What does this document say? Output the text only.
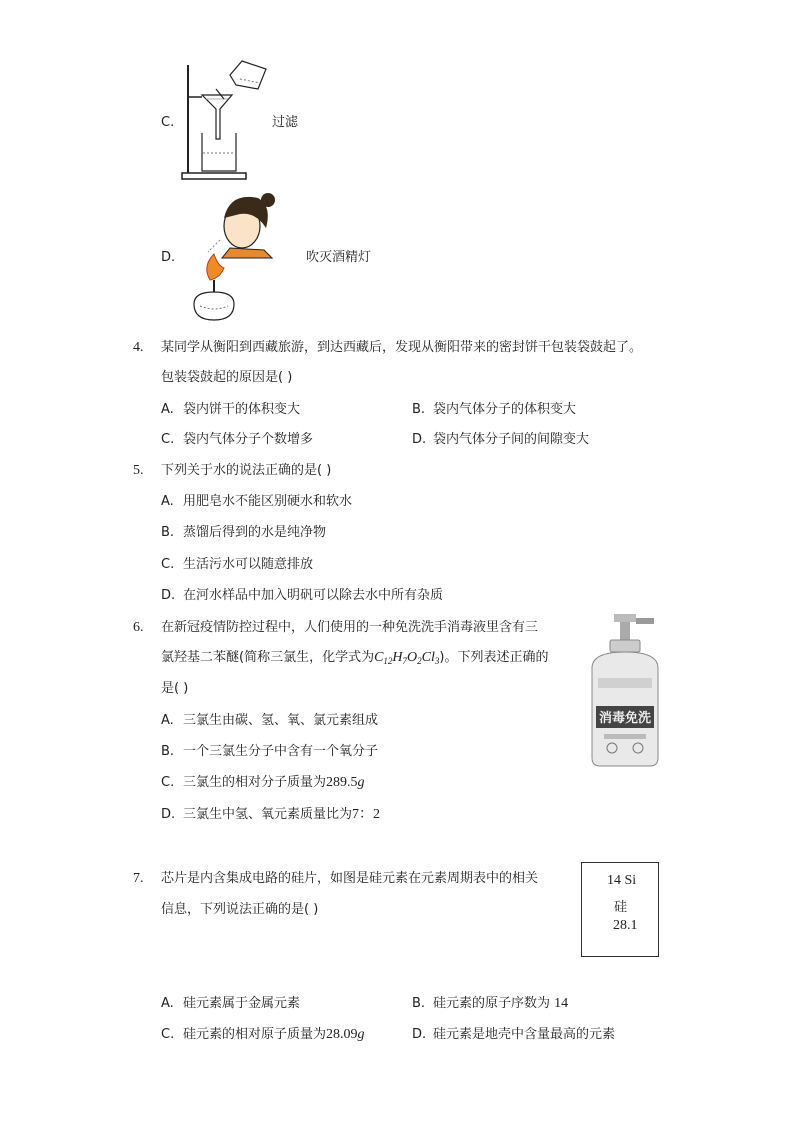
C.	过滤
D.	吹灭酒精灯
4. 某同学从衡阳到西藏旅游，到达西藏后，发现从衡阳带来的密封饼干包装袋鼓起了。
包装袋鼓起的原因是( )
A. 袋内饼干的体积变大	B. 袋内气体分子的体积变大
C. 袋内气体分子个数增多	D. 袋内气体分子间的间隙变大
5. 下列关于水的说法正确的是( )
A. 用肥皂水不能区别硬水和软水
B. 蒸馏后得到的水是纯净物
C. 生活污水可以随意排放
D. 在河水样品中加入明矾可以除去水中所有杂质
6. 在新冠疫情防控过程中，人们使用的一种免洗洗手消毒液里含有三
氯羟基二苯醚(简称三氯生，化学式为$C_{12}H_7O_2Cl_3$)。下列表述正确的
是( )
A. 三氯生由碳、氢、氧、氯元素组成
B. 一个三氯生分子中含有一个氧分子
C. 三氯生的相对分子质量为289.5g
D. 三氯生中氢、氧元素质量比为7：2
消毒免洗
7. 芯片是内含集成电路的硅片，如图是硅元素在元素周期表中的相关
信息，下列说法正确的是( )
14 Si
硅
28.1
A. 硅元素属于金属元素	B. 硅元素的原子序数为 14
C. 硅元素的相对原子质量为28.09g	D. 硅元素是地壳中含量最高的元素
